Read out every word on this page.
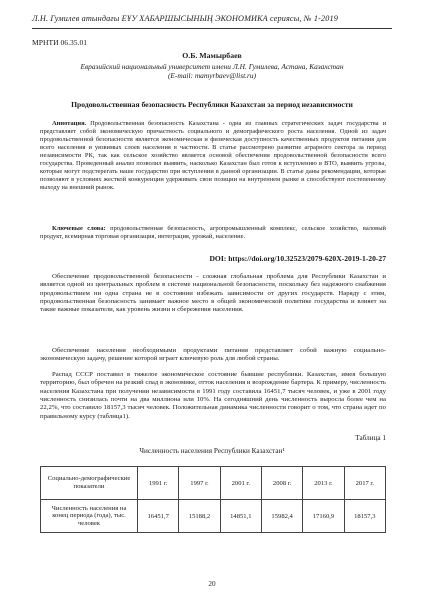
Л.Н. Гумилев атындағы ЕҰУ ХАБАРШЫСЫНЫҢ ЭКОНОМИКА сериясы, № 1-2019
МРНТИ 06.35.01
О.Б. Мамырбаев
Евразийский национальный университет имени Л.Н. Гумилева, Астана, Казахстан
(E-mail: mamyrbaev@list.ru)
Продовольственная безопасность Республики Казахстан за период независимости
Аннотация. Продовольственная безопасность Казахстана - одна из главных стратегических задач государства и представляет собой экономическую причастность социального и демографического роста населения. Одной из задач продовольственной безопасности является экономическая и физическая доступность качественных продуктов питания для всего населения и уязвимых слоев населения в частности. В статье рассмотрено развитие аграрного сектора за период независимости РК, так как сельское хозяйство является основой обеспечения продовольственной безопасности всего государства. Проведенный анализ позволил выявить, насколько Казахстан был готов к вступлению в ВТО, выявить угрозы, которые могут подстерегать наше государство при вступлении в данной организации. В статье даны рекомендации, которые позволяют в условиях жесткой конкуренции удерживать свои позиции на внутреннем рынке и способствуют постепенному выходу на внешний рынок.
Ключевые слова: продовольственная безопасность, агропромышленный комплекс, сельское хозяйство, валовый продукт, всемирная торговая организация, интеграция, урожай, население.
DOI: https://doi.org/10.32523/2079-620X-2019-1-20-27

Обеспечение продовольственной безопасности - сложная глобальная проблема для Республики Казахстан и является одной из центральных проблем в системе национальной безопасности, поскольку без надежного снабжения продовольствием ни одна страна не в состоянии избежать зависимости от других государств. Наряду с этим, продовольственная безопасность занимает важное место в общей экономической политике государства и влияет на такие важные показатели, как уровень жизни и сбережения населения.

Обеспечение населения необходимыми продуктами питания представляет собой важную социально-экономическую задачу, решение которой играет ключевую роль для любой страны.

Распад СССР поставил в тяжелое экономическое состояние бывшие республики. Казахстан, имея большую территорию, был обречен на резкий спад в экономике, отток населения и возрождение бартера. К примеру, численность населения Казахстана при получении независимости в 1991 году составила 16451,7 тысяч человек, и уже в 2001 году численность снизилась почти на два миллиона или 10%. На сегодняшний день численность выросла более чем на 22,2%, что составило 18157,3 тысяч человек. Положительная динамика численности говорит о том, что страна идет по правильному курсу (таблица1).

Таблица 1
Численность населения Республики Казахстан¹
Социально-демографические показатели	1991 г.	1997 г.	2001 г.	2008 г.	2013 г.	2017 г.
Численность населения на конец периода (года), тыс. человек	16451,7	15188,2	14851,1	15982,4	17160,9	18157,3
20
